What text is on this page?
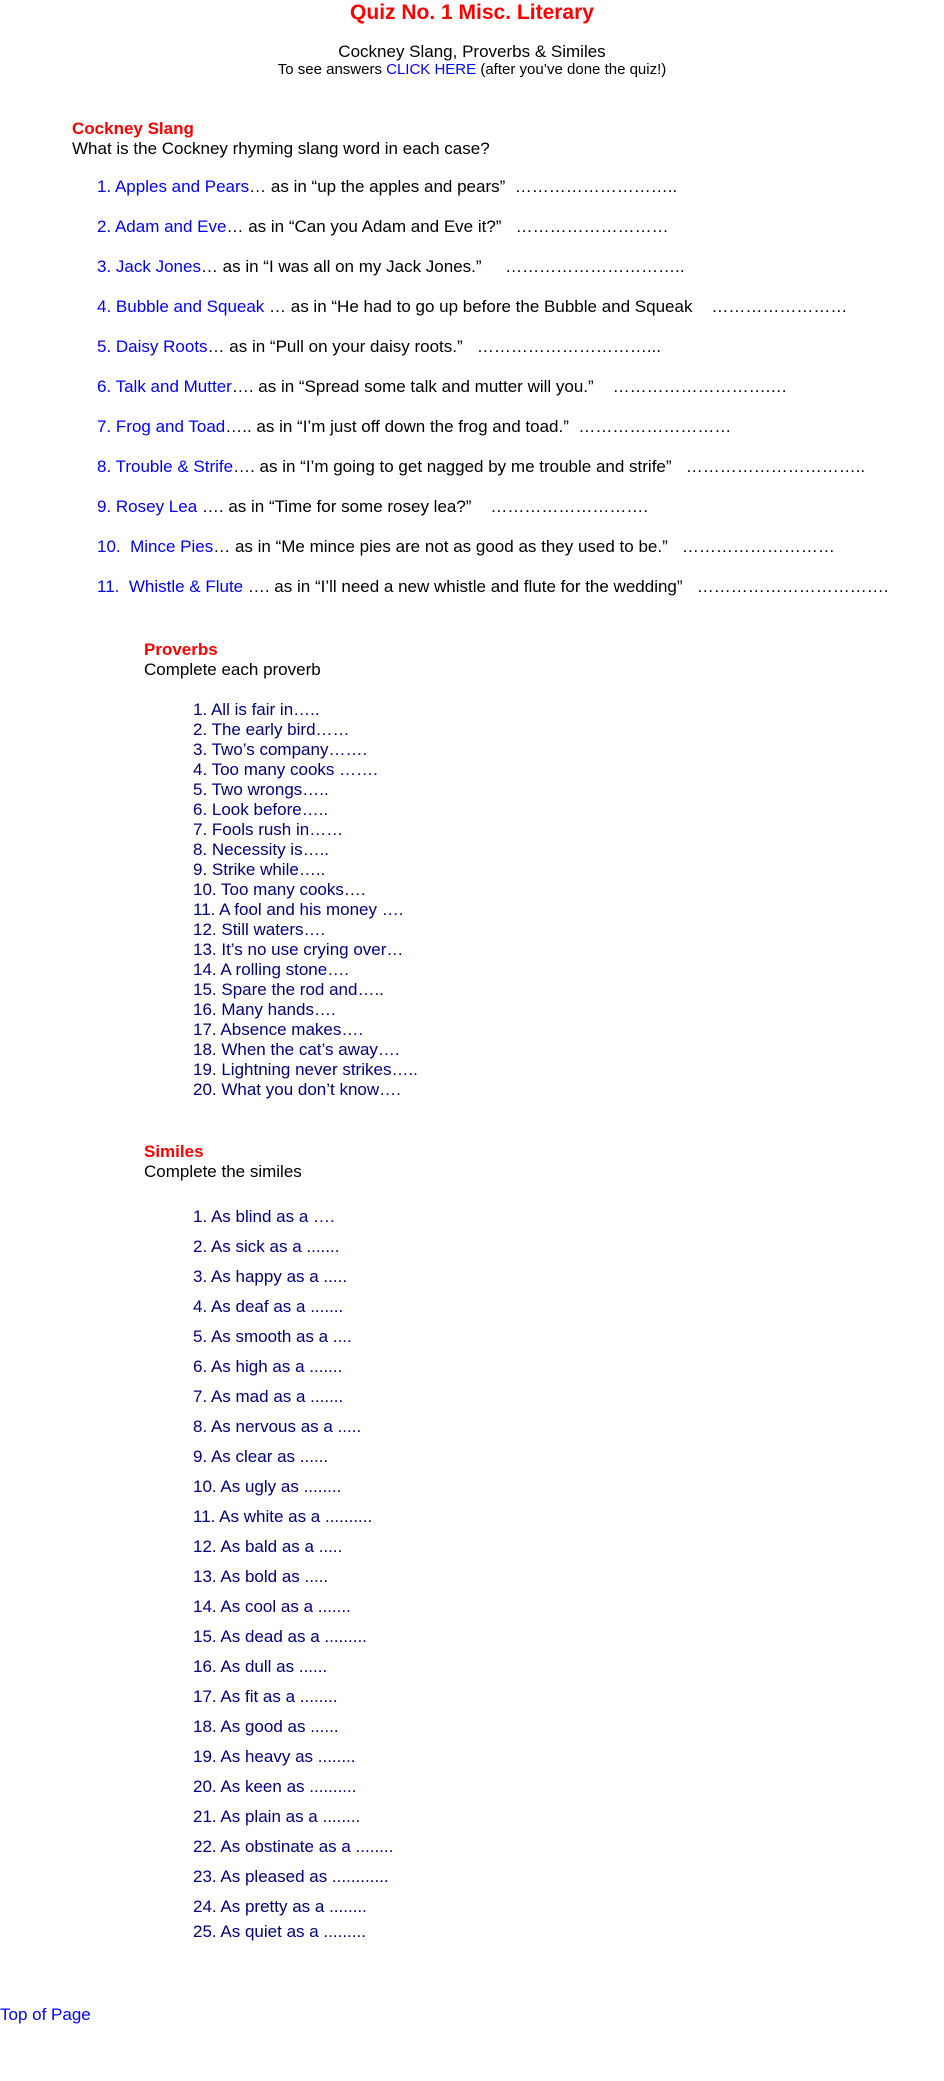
Quiz No. 1 Misc. Literary
Cockney Slang, Proverbs & Similes
To see answers CLICK HERE (after you’ve done the quiz!)
Cockney Slang
What is the Cockney rhyming slang word in each case?
1. Apples and Pears… as in “up the apples and pears”  ………………………..
2. Adam and Eve… as in “Can you Adam and Eve it?”   ………………………
3. Jack Jones… as in “I was all on my Jack Jones.”     …………………………..
4. Bubble and Squeak … as in “He had to go up before the Bubble and Squeak    ……………………
5. Daisy Roots… as in “Pull on your daisy roots.”   …………………………...
6. Talk and Mutter…. as in “Spread some talk and mutter will you.”    ……………………….…
7. Frog and Toad….. as in “I’m just off down the frog and toad.”  ………………………
8. Trouble & Strife…. as in “I’m going to get nagged by me trouble and strife”   …………………………..
9. Rosey Lea …. as in “Time for some rosey lea?”    ……………………….
10.  Mince Pies… as in “Me mince pies are not as good as they used to be.”   ………………………
11.  Whistle & Flute …. as in “I’ll need a new whistle and flute for the wedding”   …………………………….
Proverbs
Complete each proverb
1. All is fair in…..
2. The early bird……
3. Two’s company…….
4. Too many cooks …….
5. Two wrongs…..
6. Look before…..
7. Fools rush in……
8. Necessity is…..
9. Strike while…..
10. Too many cooks….
11. A fool and his money ….
12. Still waters….
13. It’s no use crying over…
14. A rolling stone….
15. Spare the rod and…..
16. Many hands….
17. Absence makes….
18. When the cat’s away….
19. Lightning never strikes…..
20. What you don’t know….
Similes
Complete the similes
1. As blind as a ….
2. As sick as a .......
3. As happy as a .....
4. As deaf as a .......
5. As smooth as a ....
6. As high as a .......
7. As mad as a .......
8. As nervous as a .....
9. As clear as ......
10. As ugly as ........
11. As white as a ..........
12. As bald as a .....
13. As bold as .....
14. As cool as a .......
15. As dead as a .........
16. As dull as ......
17. As fit as a ........
18. As good as ......
19. As heavy as ........
20. As keen as ..........
21. As plain as a ........
22. As obstinate as a ........
23. As pleased as ............
24. As pretty as a ........
25. As quiet as a .........
Top of Page
